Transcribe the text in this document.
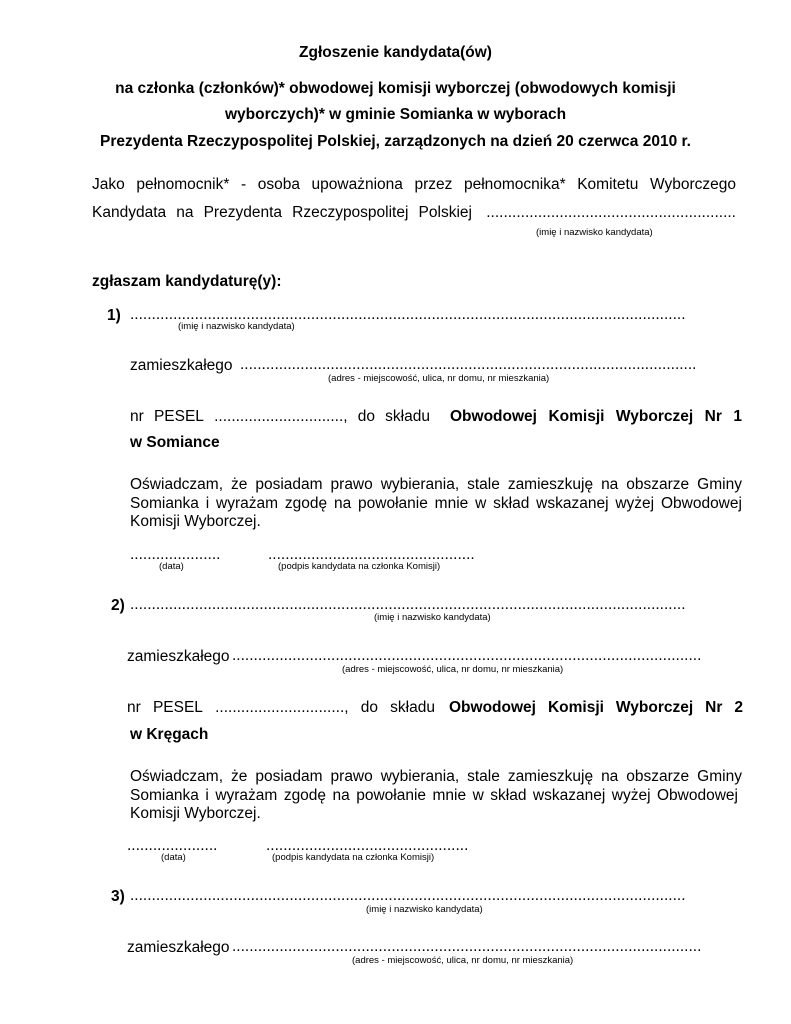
Zgłoszenie kandydata(ów)
na członka (członków)* obwodowej komisji wyborczej (obwodowych komisji
wyborczych)* w gminie Somianka w wyborach
Prezydenta Rzeczypospolitej Polskiej, zarządzonych na dzień 20 czerwca 2010 r.
Jako pełnomocnik* - osoba upoważniona przez pełnomocnika* Komitetu Wyborczego
Kandydata na Prezydenta Rzeczypospolitej Polskiej ..........................................................
(imię i nazwisko kandydata)
zgłaszam kandydaturę(y):
1) .................................................................................................................................
(imię i nazwisko kandydata)
zamieszkałego ..........................................................................................................
(adres - miejscowość, ulica, nr domu, nr mieszkania)
nr PESEL .............................., do składu Obwodowej Komisji Wyborczej Nr 1
w Somiance
Oświadczam, że posiadam prawo wybierania, stale zamieszkuję na obszarze Gminy
Somianka i wyrażam zgodę na powołanie mnie w skład wskazanej wyżej Obwodowej
Komisji Wyborczej.
.....................
(data)
................................................
(podpis kandydata na członka Komisji)
2) .................................................................................................................................
(imię i nazwisko kandydata)
zamieszkałego .............................................................................................................
(adres - miejscowość, ulica, nr domu, nr mieszkania)
nr PESEL .............................., do składu Obwodowej Komisji Wyborczej Nr 2
w Kręgach
Oświadczam, że posiadam prawo wybierania, stale zamieszkuję na obszarze Gminy
Somianka i wyrażam zgodę na powołanie mnie w skład wskazanej wyżej Obwodowej
Komisji Wyborczej.
.....................
(data)
...............................................
(podpis kandydata na członka Komisji)
3) .................................................................................................................................
(imię i nazwisko kandydata)
zamieszkałego .............................................................................................................
(adres - miejscowość, ulica, nr domu, nr mieszkania)
